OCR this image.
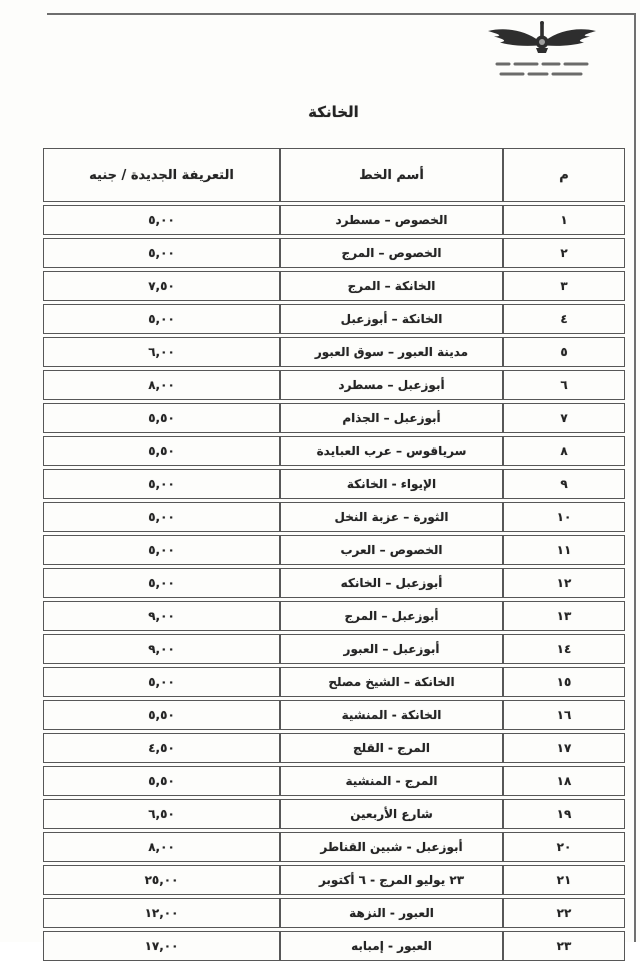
الخانكة
م	أسم الخط	التعريفة الجديدة / جنيه
١	الخصوص – مسطرد	٥,٠٠
٢	الخصوص – المرج	٥,٠٠
٣	الخانكة – المرج	٧,٥٠
٤	الخانكة – أبوزعبل	٥,٠٠
٥	مدينة العبور – سوق العبور	٦,٠٠
٦	أبوزعبل – مسطرد	٨,٠٠
٧	أبوزعبل – الجذام	٥,٥٠
٨	سرياقوس – عرب العبايدة	٥,٥٠
٩	الإيواء - الخانكة	٥,٠٠
١٠	الثورة – عزبة النخل	٥,٠٠
١١	الخصوص – العرب	٥,٠٠
١٢	أبوزعبل – الخانكه	٥,٠٠
١٣	أبوزعبل – المرج	٩,٠٠
١٤	أبوزعبل – العبور	٩,٠٠
١٥	الخانكة – الشيخ مصلح	٥,٠٠
١٦	الخانكة - المنشية	٥,٥٠
١٧	المرج - القلج	٤,٥٠
١٨	المرج - المنشية	٥,٥٠
١٩	شارع الأربعين	٦,٥٠
٢٠	أبوزعبل - شبين القناطر	٨,٠٠
٢١	٢٣ يوليو المرج - ٦ أكتوبر	٢٥,٠٠
٢٢	العبور - النزهة	١٢,٠٠
٢٣	العبور - إمبابه	١٧,٠٠
